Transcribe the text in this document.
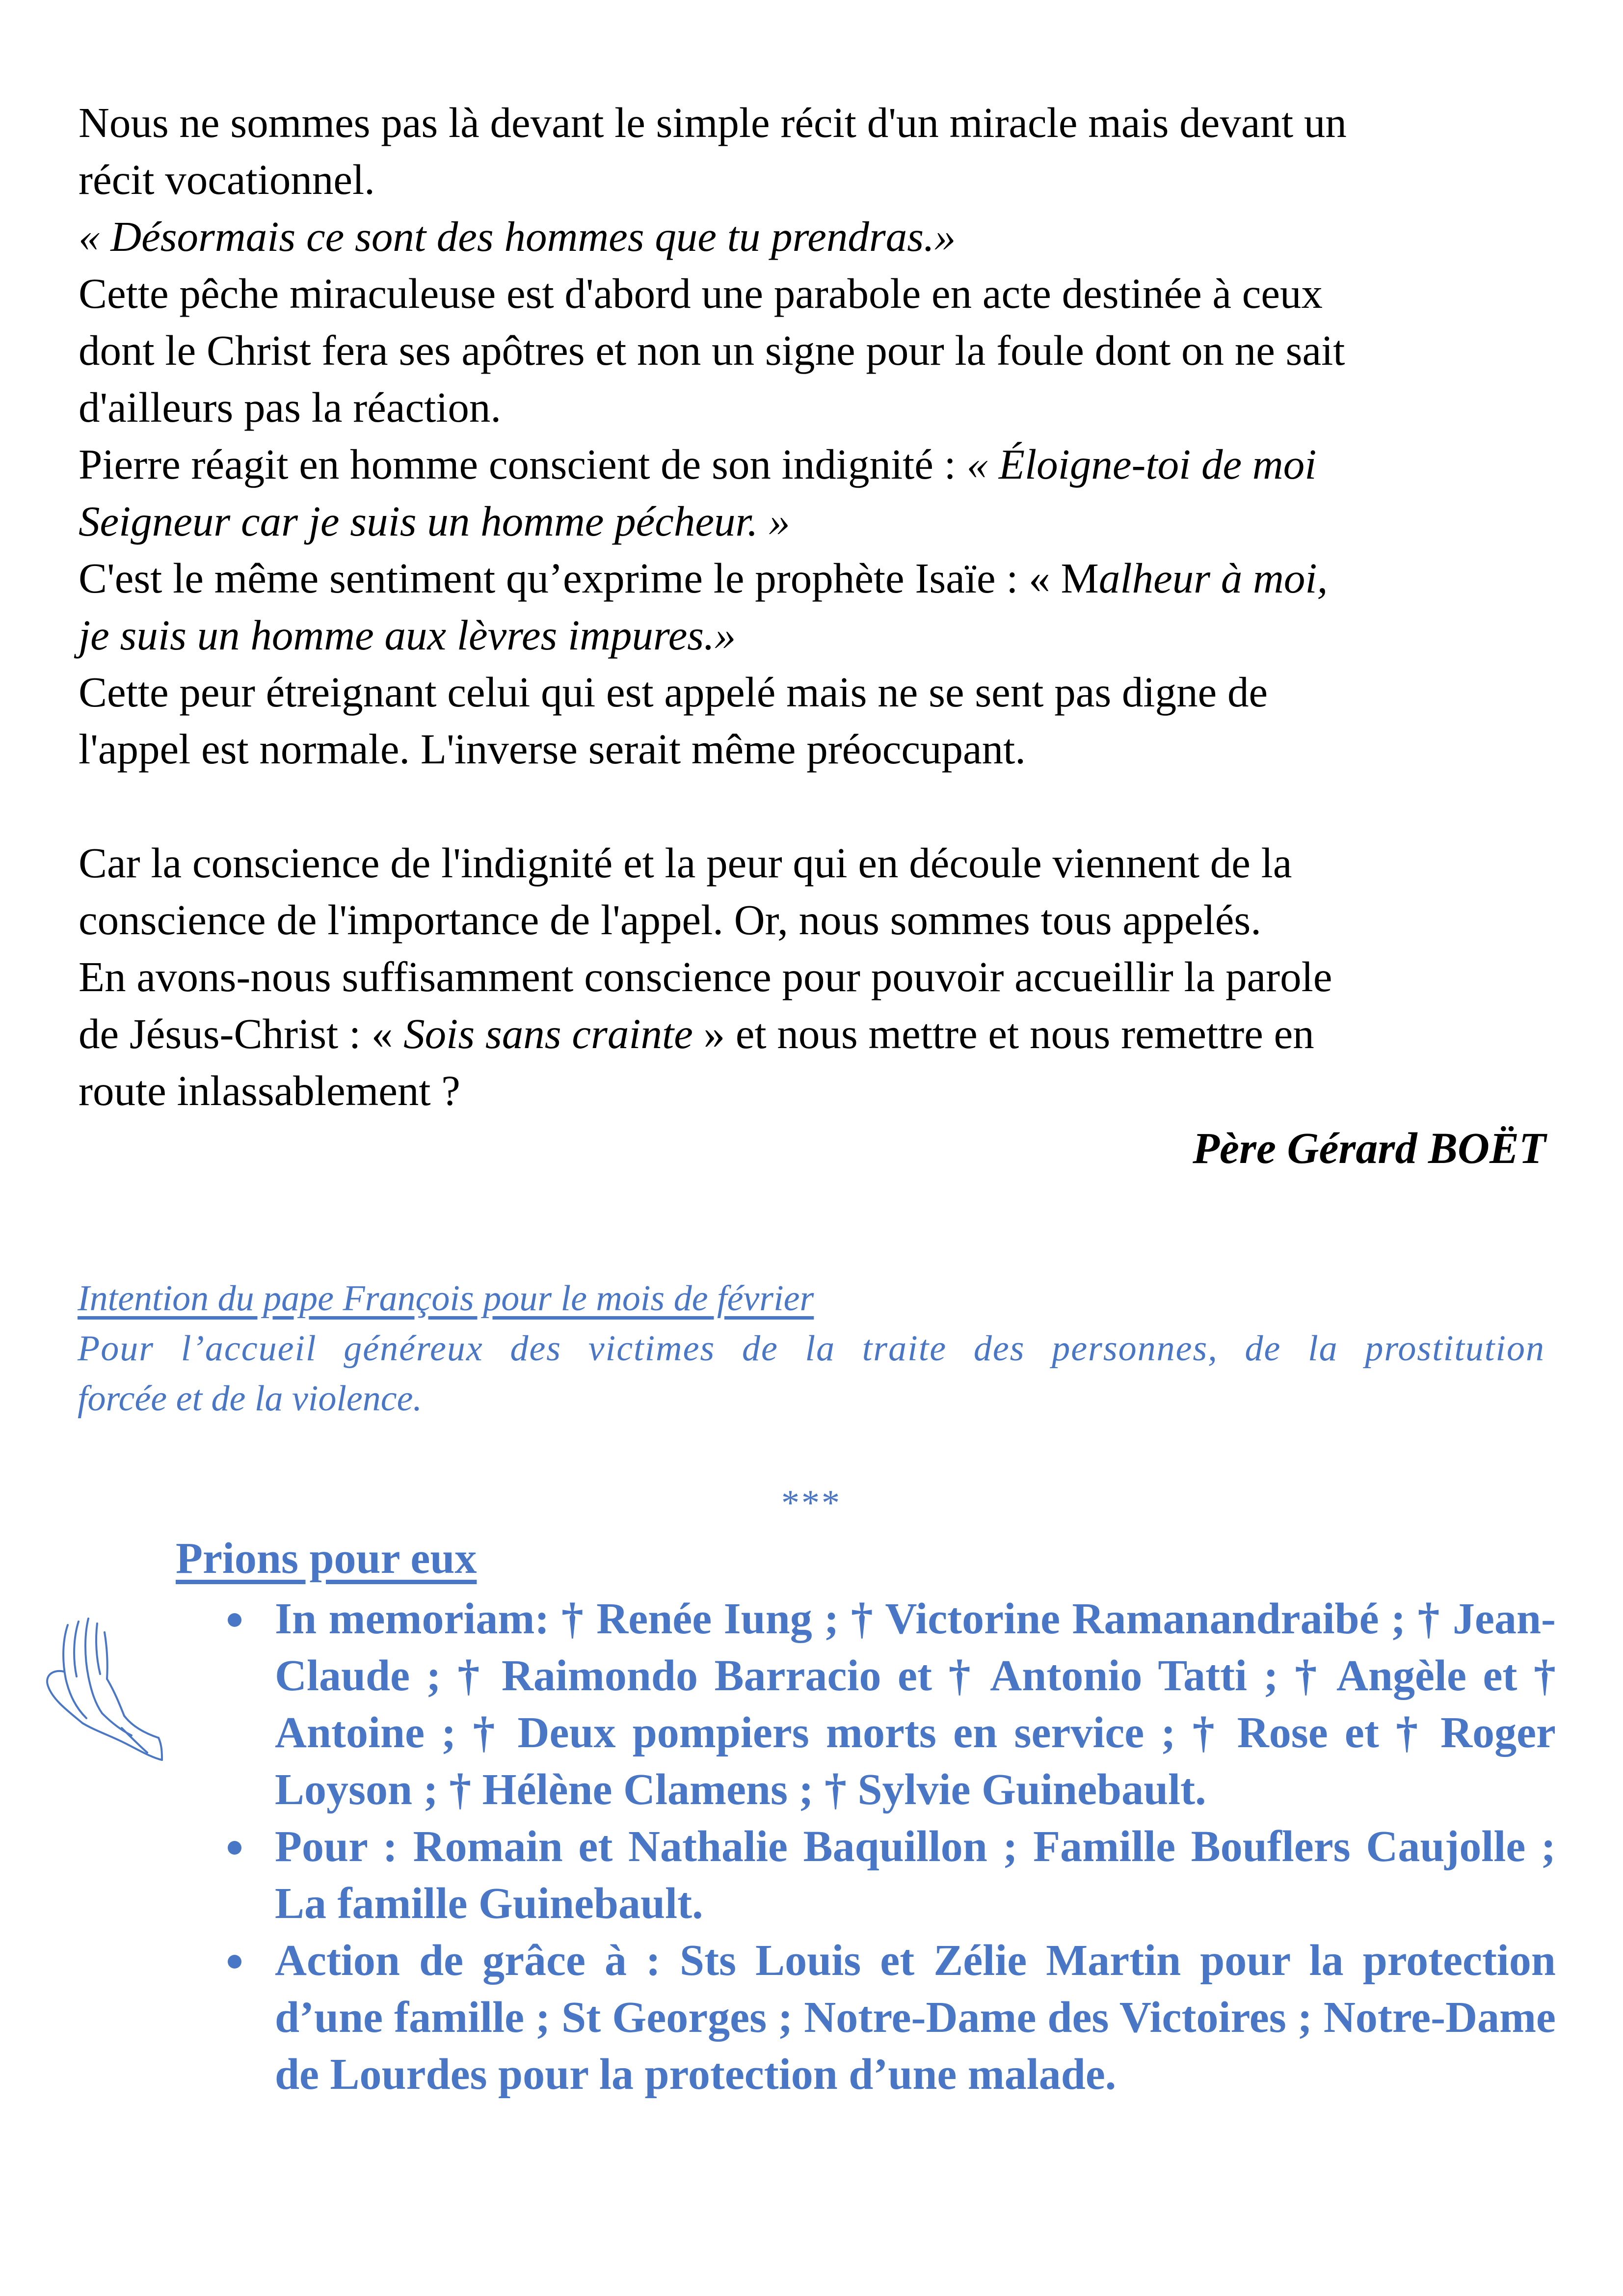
Nous ne sommes pas là devant le simple récit d'un miracle mais devant un

récit vocationnel.

« Désormais ce sont des hommes que tu prendras.»

Cette pêche miraculeuse est d'abord une parabole en acte destinée à ceux

dont le Christ fera ses apôtres et non un signe pour la foule dont on ne sait

d'ailleurs pas la réaction.

Pierre réagit en homme conscient de son indignité : « Éloigne-toi de moi

Seigneur car je suis un homme pécheur. »

C'est le même sentiment qu’exprime le prophète Isaïe : « Malheur à moi,

je suis un homme aux lèvres impures.»

Cette peur étreignant celui qui est appelé mais ne se sent pas digne de

l'appel est normale. L'inverse serait même préoccupant.

Car la conscience de l'indignité et la peur qui en découle viennent de la

conscience de l'importance de l'appel. Or, nous sommes tous appelés.

En avons-nous suffisamment conscience pour pouvoir accueillir la parole

de Jésus-Christ : « Sois sans crainte » et nous mettre et nous remettre en

route inlassablement ?

Père Gérard BOËT

Intention du pape François pour le mois de février

Pour l’accueil généreux des victimes de la traite des personnes, de la prostitution

forcée et de la violence.

***
Prions pour eux
In memoriam: † Renée Iung ; † Victorine Ramanandraibé ; † Jean-Claude ; † Raimondo Barracio et † Antonio Tatti ; † Angèle et † Antoine ; † Deux pompiers morts en service ; † Rose et † Roger Loyson ; † Hélène Clamens ; † Sylvie Guinebault.
Pour : Romain et Nathalie Baquillon ; Famille Bouflers Caujolle ; La famille Guinebault.
Action de grâce à : Sts Louis et Zélie Martin pour la protection d’une famille ; St Georges ; Notre-Dame des Victoires ; Notre-Dame de Lourdes pour la protection d’une malade.
